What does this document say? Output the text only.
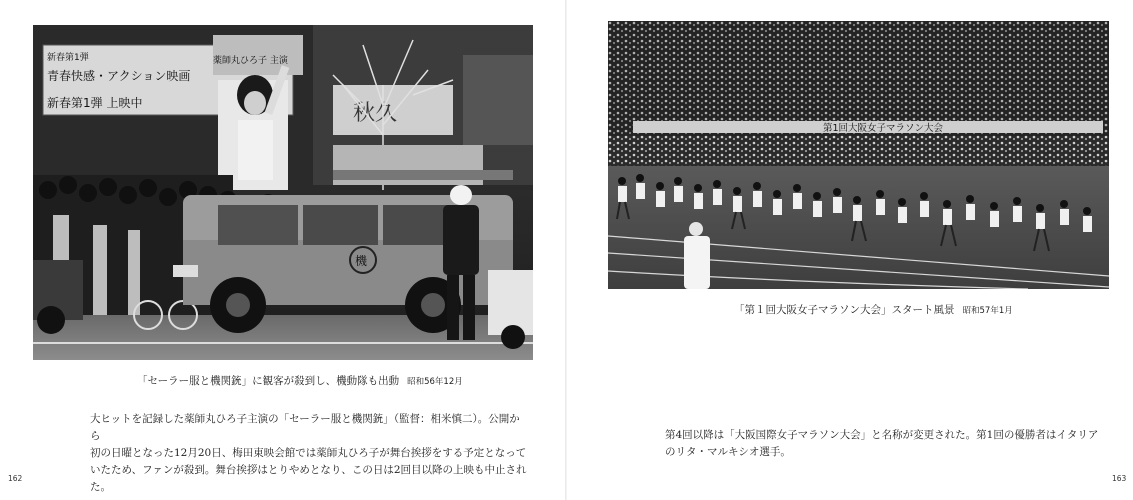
秋久
新春第1弾
青春快感・アクション映画
薬師丸ひろ子 主演
新春第1弾 上映中
機
「セーラー服と機関銃」に観客が殺到し、機動隊も出動 昭和56年12月
大ヒットを記録した薬師丸ひろ子主演の「セーラー服と機関銃」（監督：相米慎二）。公開から
初の日曜となった12月20日、梅田東映会館では薬師丸ひろ子が舞台挨拶をする予定となって
いたため、ファンが殺到。舞台挨拶はとりやめとなり、この日は2回目以降の上映も中止された。
162
第1回大阪女子マラソン大会
「第１回大阪女子マラソン大会」スタート風景 昭和57年1月
第4回以降は「大阪国際女子マラソン大会」と名称が変更された。第1回の優勝者はイタリア
のリタ・マルキシオ選手。
163
